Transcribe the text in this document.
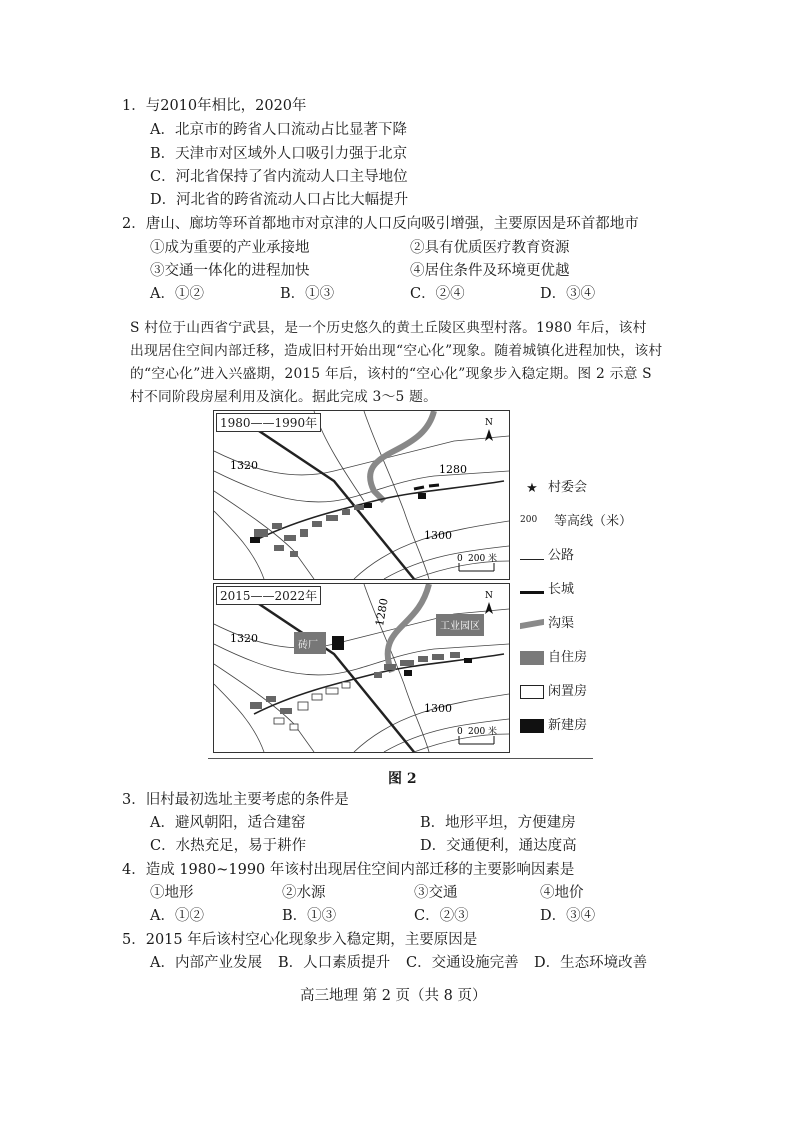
1．与2010年相比，2020年
A．北京市的跨省人口流动占比显著下降
B．天津市对区域外人口吸引力强于北京
C．河北省保持了省内流动人口主导地位
D．河北省的跨省流动人口占比大幅提升
2．唐山、廊坊等环首都地市对京津的人口反向吸引增强，主要原因是环首都地市
①成为重要的产业承接地	②具有优质医疗教育资源
③交通一体化的进程加快	④居住条件及环境更优越
A．①②	B．①③	C．②④	D．③④
S 村位于山西省宁武县，是一个历史悠久的黄土丘陵区典型村落。1980 年后，该村
出现居住空间内部迁移，造成旧村开始出现“空心化”现象。随着城镇化进程加快，该村
的“空心化”进入兴盛期，2015 年后，该村的“空心化”现象步入稳定期。图 2 示意 S
村不同阶段房屋利用及演化。据此完成 3～5 题。
1320	1280
1300
N
0 200 米
1980——1990年
砖厂
工业园区
1320
1280
1300
N
0 200 米
2015——2022年
★ 村委会
200 等高线（米）
公路
长城
沟渠
自住房
闲置房
新建房
图 2
3．旧村最初选址主要考虑的条件是
A．避风朝阳，适合建窑	B．地形平坦，方便建房
C．水热充足，易于耕作	D．交通便利，通达度高
4．造成 1980~1990 年该村出现居住空间内部迁移的主要影响因素是
①地形	②水源	③交通	④地价
A．①②	B．①③	C．②③	D．③④
5．2015 年后该村空心化现象步入稳定期，主要原因是
A．内部产业发展 B．人口素质提升 C．交通设施完善 D．生态环境改善
高三地理 第 2 页（共 8 页）
